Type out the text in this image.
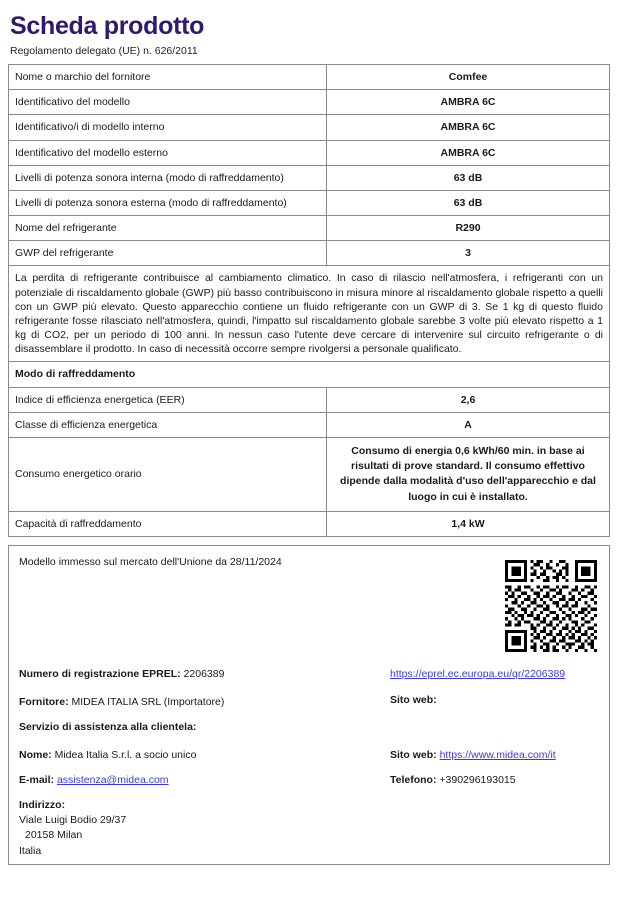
Scheda prodotto
Regolamento delegato (UE) n. 626/2011
Nome o marchio del fornitore	Comfee
Identificativo del modello	AMBRA 6C
Identificativo/i di modello interno	AMBRA 6C
Identificativo del modello esterno	AMBRA 6C
Livelli di potenza sonora interna (modo di raffreddamento)	63 dB
Livelli di potenza sonora esterna (modo di raffreddamento)	63 dB
Nome del refrigerante	R290
GWP del refrigerante	3
La perdita di refrigerante contribuisce al cambiamento climatico. In caso di rilascio nell'atmosfera, i refrigeranti con un potenziale di riscaldamento globale (GWP) più basso contribuiscono in misura minore al riscaldamento globale rispetto a quelli con un GWP più elevato. Questo apparecchio contiene un fluido refrigerante con un GWP di 3. Se 1 kg di questo fluido refrigerante fosse rilasciato nell'atmosfera, quindi, l'impatto sul riscaldamento globale sarebbe 3 volte più elevato rispetto a 1 kg di CO2, per un periodo di 100 anni. In nessun caso l'utente deve cercare di intervenire sul circuito refrigerante o di disassemblare il prodotto. In caso di necessità occorre sempre rivolgersi a personale qualificato.	
Modo di raffreddamento	
Indice di efficienza energetica (EER)	2,6
Classe di efficienza energetica	A
Consumo energetico orario	Consumo di energia 0,6 kWh/60 min. in base ai risultati di prove standard. Il consumo effettivo dipende dalla modalità d'uso dell'apparecchio e dal luogo in cui è installato.
Capacità di raffreddamento	1,4 kW
Modello immesso sul mercato dell'Unione da 28/11/2024
Numero di registrazione EPREL: 2206389	https://eprel.ec.europa.eu/qr/2206389
Fornitore: MIDEA ITALIA SRL (Importatore)	Sito web:
Servizio di assistenza alla clientela:
Nome: Midea Italia S.r.l. a socio unico	Sito web: https://www.midea.com/it
E-mail: assistenza@midea.com	Telefono: +390296193015
Indirizzo:
Viale Luigi Bodio 29/37
20158 Milan
Italia
